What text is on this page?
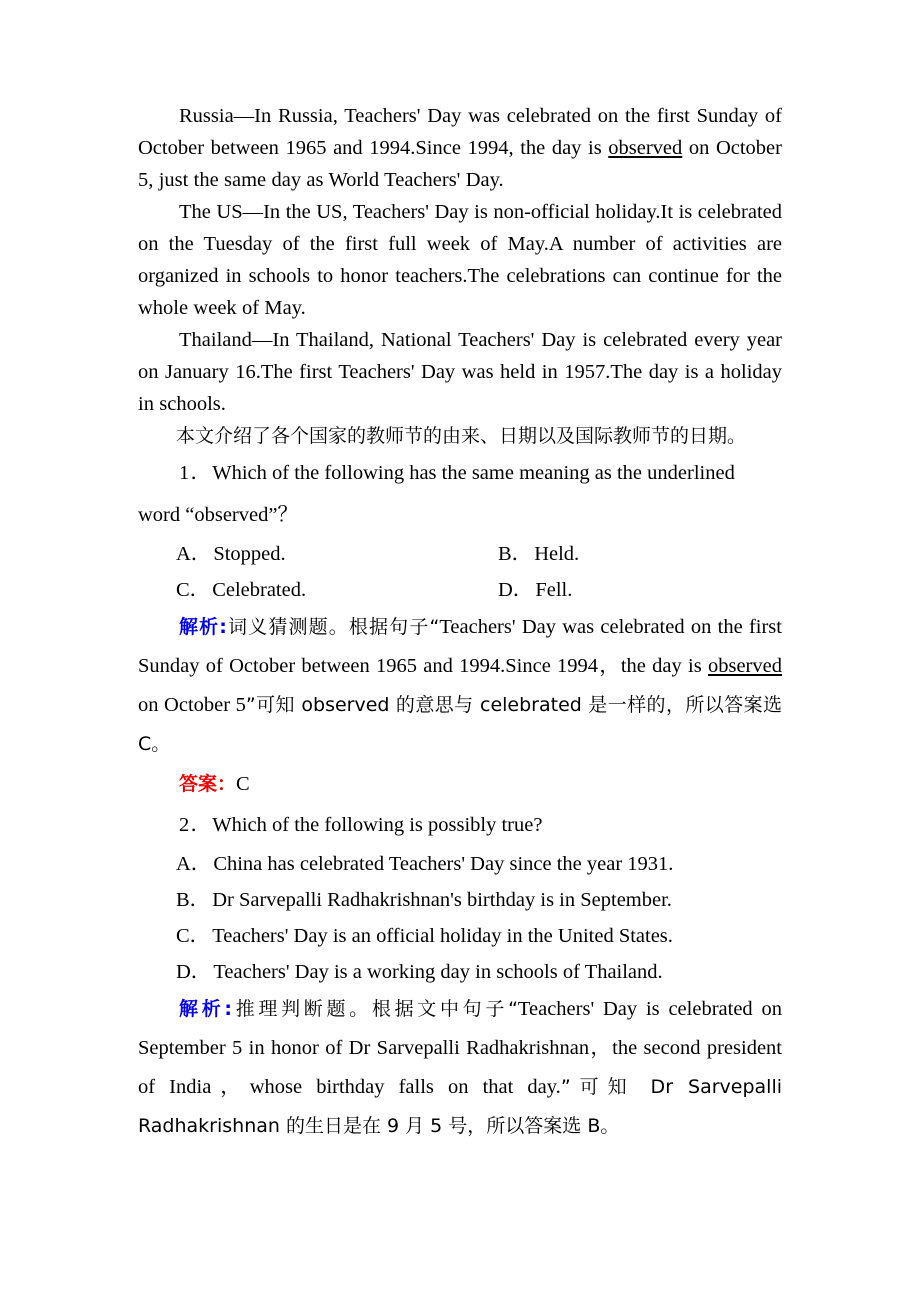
Russia—In Russia, Teachers' Day was celebrated on the first Sunday of October between 1965 and 1994.Since 1994, the day is observed on October 5, just the same day as World Teachers' Day.

The US—In the US, Teachers' Day is non-official holiday.It is celebrated on the Tuesday of the first full week of May.A number of activities are organized in schools to honor teachers.The celebrations can continue for the whole week of May.

Thailand—In Thailand, National Teachers' Day is celebrated every year on January 16.The first Teachers' Day was held in 1957.The day is a holiday in schools.

本文介绍了各个国家的教师节的由来、日期以及国际教师节的日期。

1．Which of the following has the same meaning as the underlined word “observed”？

A．Stopped.	B．Held.
C．Celebrated.	D．Fell.

解析:词义猜测题。根据句子“Teachers' Day was celebrated on the first Sunday of October between 1965 and 1994.Since 1994，the day is observed on October 5”可知 observed 的意思与 celebrated 是一样的，所以答案选 C。

答案：C

2．Which of the following is possibly true?

A．China has celebrated Teachers' Day since the year 1931.
B．Dr Sarvepalli Radhakrishnan's birthday is in September.
C．Teachers' Day is an official holiday in the United States.
D．Teachers' Day is a working day in schools of Thailand.

解析:推理判断题。根据文中句子“Teachers' Day is celebrated on September 5 in honor of Dr Sarvepalli Radhakrishnan，the second president of India，whose birthday falls on that day.”可知 Dr Sarvepalli Radhakrishnan 的生日是在 9 月 5 号，所以答案选 B。
